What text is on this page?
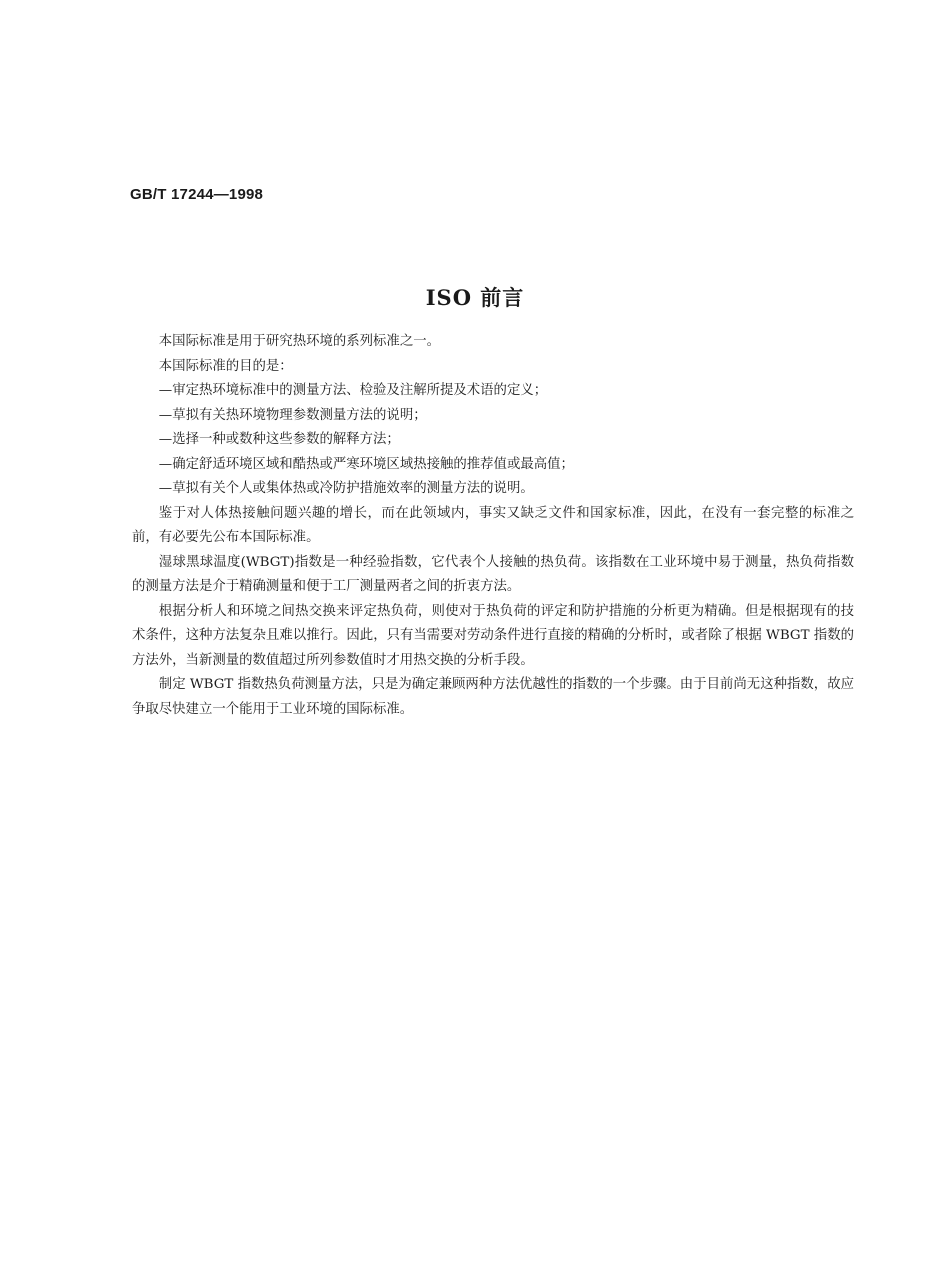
GB/T 17244—1998
ISO 前言

本国际标准是用于研究热环境的系列标准之一。

本国际标准的目的是：

—审定热环境标准中的测量方法、检验及注解所提及术语的定义；

—草拟有关热环境物理参数测量方法的说明；

—选择一种或数种这些参数的解释方法；

—确定舒适环境区域和酷热或严寒环境区域热接触的推荐值或最高值；

—草拟有关个人或集体热或冷防护措施效率的测量方法的说明。

鉴于对人体热接触问题兴趣的增长，而在此领域内，事实又缺乏文件和国家标准，因此，在没有一套完整的标准之前，有必要先公布本国际标准。

湿球黑球温度(WBGT)指数是一种经验指数，它代表个人接触的热负荷。该指数在工业环境中易于测量，热负荷指数的测量方法是介于精确测量和便于工厂测量两者之间的折衷方法。

根据分析人和环境之间热交换来评定热负荷，则使对于热负荷的评定和防护措施的分析更为精确。但是根据现有的技术条件，这种方法复杂且难以推行。因此，只有当需要对劳动条件进行直接的精确的分析时，或者除了根据 WBGT 指数的方法外，当新测量的数值超过所列参数值时才用热交换的分析手段。

制定 WBGT 指数热负荷测量方法，只是为确定兼顾两种方法优越性的指数的一个步骤。由于目前尚无这种指数，故应争取尽快建立一个能用于工业环境的国际标准。
